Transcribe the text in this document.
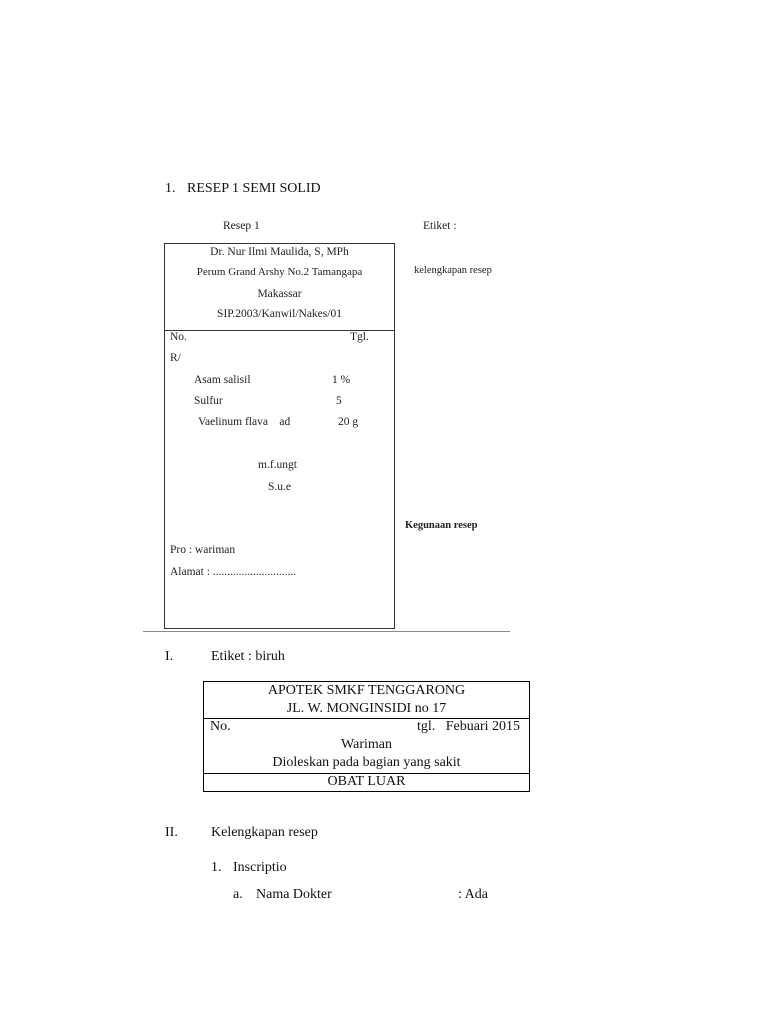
1. RESEP 1 SEMI SOLID
Resep 1	Etiket :
kelengkapan resep
Kegunaan resep
Dr. Nur Ilmi Maulida, S, MPh
Perum Grand Arshy No.2 Tamangapa
Makassar
SIP.2003/Kanwil/Nakes/01
No.	Tgl.
R/
Asam salisil	1 %
Sulfur	5
Vaelinum flava    ad	20 g
m.f.ungt
S.u.e
Pro : wariman
Alamat : .............................
I.	Etiket : biruh
APOTEK SMKF TENGGARONG
JL. W. MONGINSIDI no 17
No.	tgl.   Febuari 2015
Wariman
Dioleskan pada bagian yang sakit
OBAT LUAR
II. Kelengkapan resep
1. Inscriptio
a. Nama Dokter	: Ada
